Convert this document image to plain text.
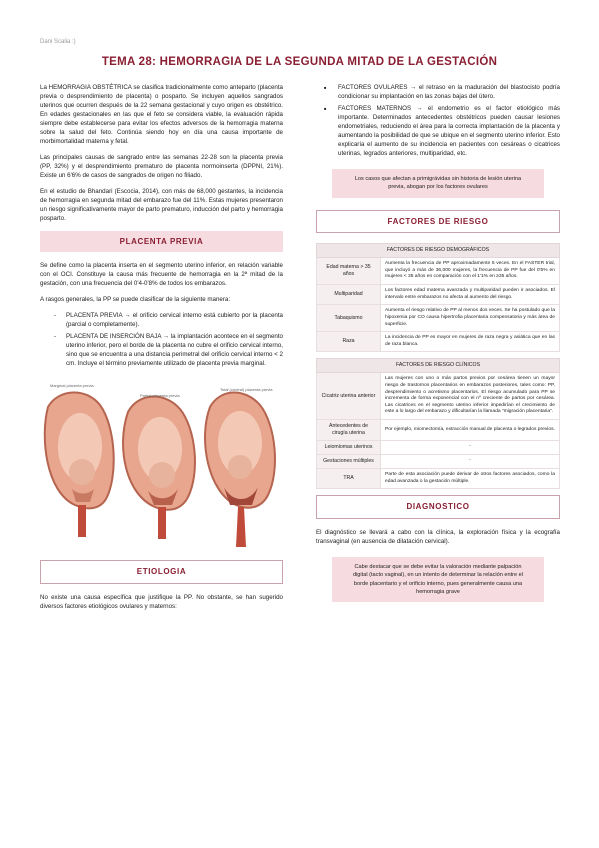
Dani Scalia :)
TEMA 28: HEMORRAGIA DE LA SEGUNDA MITAD DE LA GESTACIÓN

La HEMORRAGIA OBSTÉTRICA se clasifica tradicionalmente como anteparto (placenta previa o desprendimiento de placenta) o posparto. Se incluyen aquellos sangrados uterinos que ocurren después de la 22 semana gestacional y cuyo origen es obstétrico. En edades gestacionales en las que el feto se considera viable, la evaluación rápida siempre debe establecerse para evitar los efectos adversos de la hemorragia materna sobre la salud del feto. Continúa siendo hoy en día una causa importante de morbimortalidad materna y fetal.

Las principales causas de sangrado entre las semanas 22-28 son la placenta previa (PP, 32%) y el desprendimiento prematuro de placenta normoinserta (DPPNI, 21%). Existe un 6'6% de casos de sangrados de origen no filiado.

En el estudio de Bhandari (Escocia, 2014), con más de 68,000 gestantes, la incidencia de hemorragia en segunda mitad del embarazo fue del 11%. Estas mujeres presentaron un riesgo significativamente mayor de parto prematuro, inducción del parto y hemorragia posparto.

PLACENTA PREVIA

Se define como la placenta inserta en el segmento uterino inferior, en relación variable con el OCI. Constituye la causa más frecuente de hemorragia en la 2ª mitad de la gestación, con una frecuencia del 0'4-0'8% de todos los embarazos.

A rasgos generales, la PP se puede clasificar de la siguiente manera:

- PLACENTA PREVIA → el orificio cervical interno está cubierto por la placenta (parcial o completamente).
- PLACENTA DE INSERCIÓN BAJA → la implantación acontece en el segmento uterino inferior, pero el borde de la placenta no cubre el orificio cervical interno, sino que se encuentra a una distancia perimetral del orificio cervical interno < 2 cm. Incluye el término previamente utilizado de placenta previa marginal.
Marginal placenta previa
Partial placenta previa
Total (central) placenta previa
ETIOLOGIA

No existe una causa específica que justifique la PP. No obstante, se han sugerido diversos factores etiológicos ovulares y maternos:

■ FACTORES OVULARES → el retraso en la maduración del blastocisto podría condicionar su implantación en las zonas bajas del útero.
■ FACTORES MATERNOS → el endometrio es el factor etiológico más importante. Determinados antecedentes obstétricos pueden causar lesiones endometriales, reduciendo el área para la correcta implantación de la placenta y aumentando la posibilidad de que se ubique en el segmento uterino inferior. Esto explicaría el aumento de su incidencia en pacientes con cesáreas o cicatrices uterinas, legrados anteriores, multiparidad, etc.
Los casos que afectan a primigrávidas sin historia de lesión uterina previa, abogan por los factores ovulares
FACTORES DE RIESGO
FACTORES DE RIESGO DEMOGRÁFICOS	
Edad materna > 35 años	Aumenta la frecuencia de PP aproximadamente 5 veces. En el FASTER trial, que incluyó a más de 36,000 mujeres, la frecuencia de PP fue del 0'5% en mujeres < 35 años en comparación con el 1'1% en ≥35 años.
Multiparidad	Los factores edad materna avanzada y multiparidad pueden ir asociados. El intervalo entre embarazos no afecta al aumento del riesgo.
Tabaquismo	Aumenta el riesgo relativo de PP al menos dos veces. Se ha postulado que la hipoxemia por CO causa hipertrofia placentaria compensatoria y más área de superficie.
Raza	La incidencia de PP es mayor en mujeres de raza negra y asiática que en las de raza blanca.
FACTORES DE RIESGO CLÍNICOS	
Cicatriz uterina anterior	Las mujeres con uno o más partos previos por cesárea tienen un mayor riesgo de trastornos placentarios en embarazos posteriores, tales como: PP, desprendimiento o acretismo placentarios. El riesgo acumulado para PP se incrementa de forma exponencial con el nº creciente de partos por cesárea. Las cicatrices en el segmento uterino inferior impedirían el crecimiento de este a lo largo del embarazo y dificultarían la llamada "migración placentaria".
Antecedentes de cirugía uterina	Por ejemplo, miomectomía, extracción manual de placenta o legrados previos.
Leiomiomas uterinos	-
Gestaciones múltiples	-
TRA	Parte de esta asociación puede derivar de otros factores asociados, como la edad avanzada o la gestación múltiple.
DIAGNOSTICO

El diagnóstico se llevará a cabo con la clínica, la exploración física y la ecografía transvaginal (en ausencia de dilatación cervical).

Cabe destacar que se debe evitar la valoración mediante palpación digital (tacto vaginal), en un intento de determinar la relación entre el borde placentario y el orificio interno, pues generalmente causa una hemorragia grave
